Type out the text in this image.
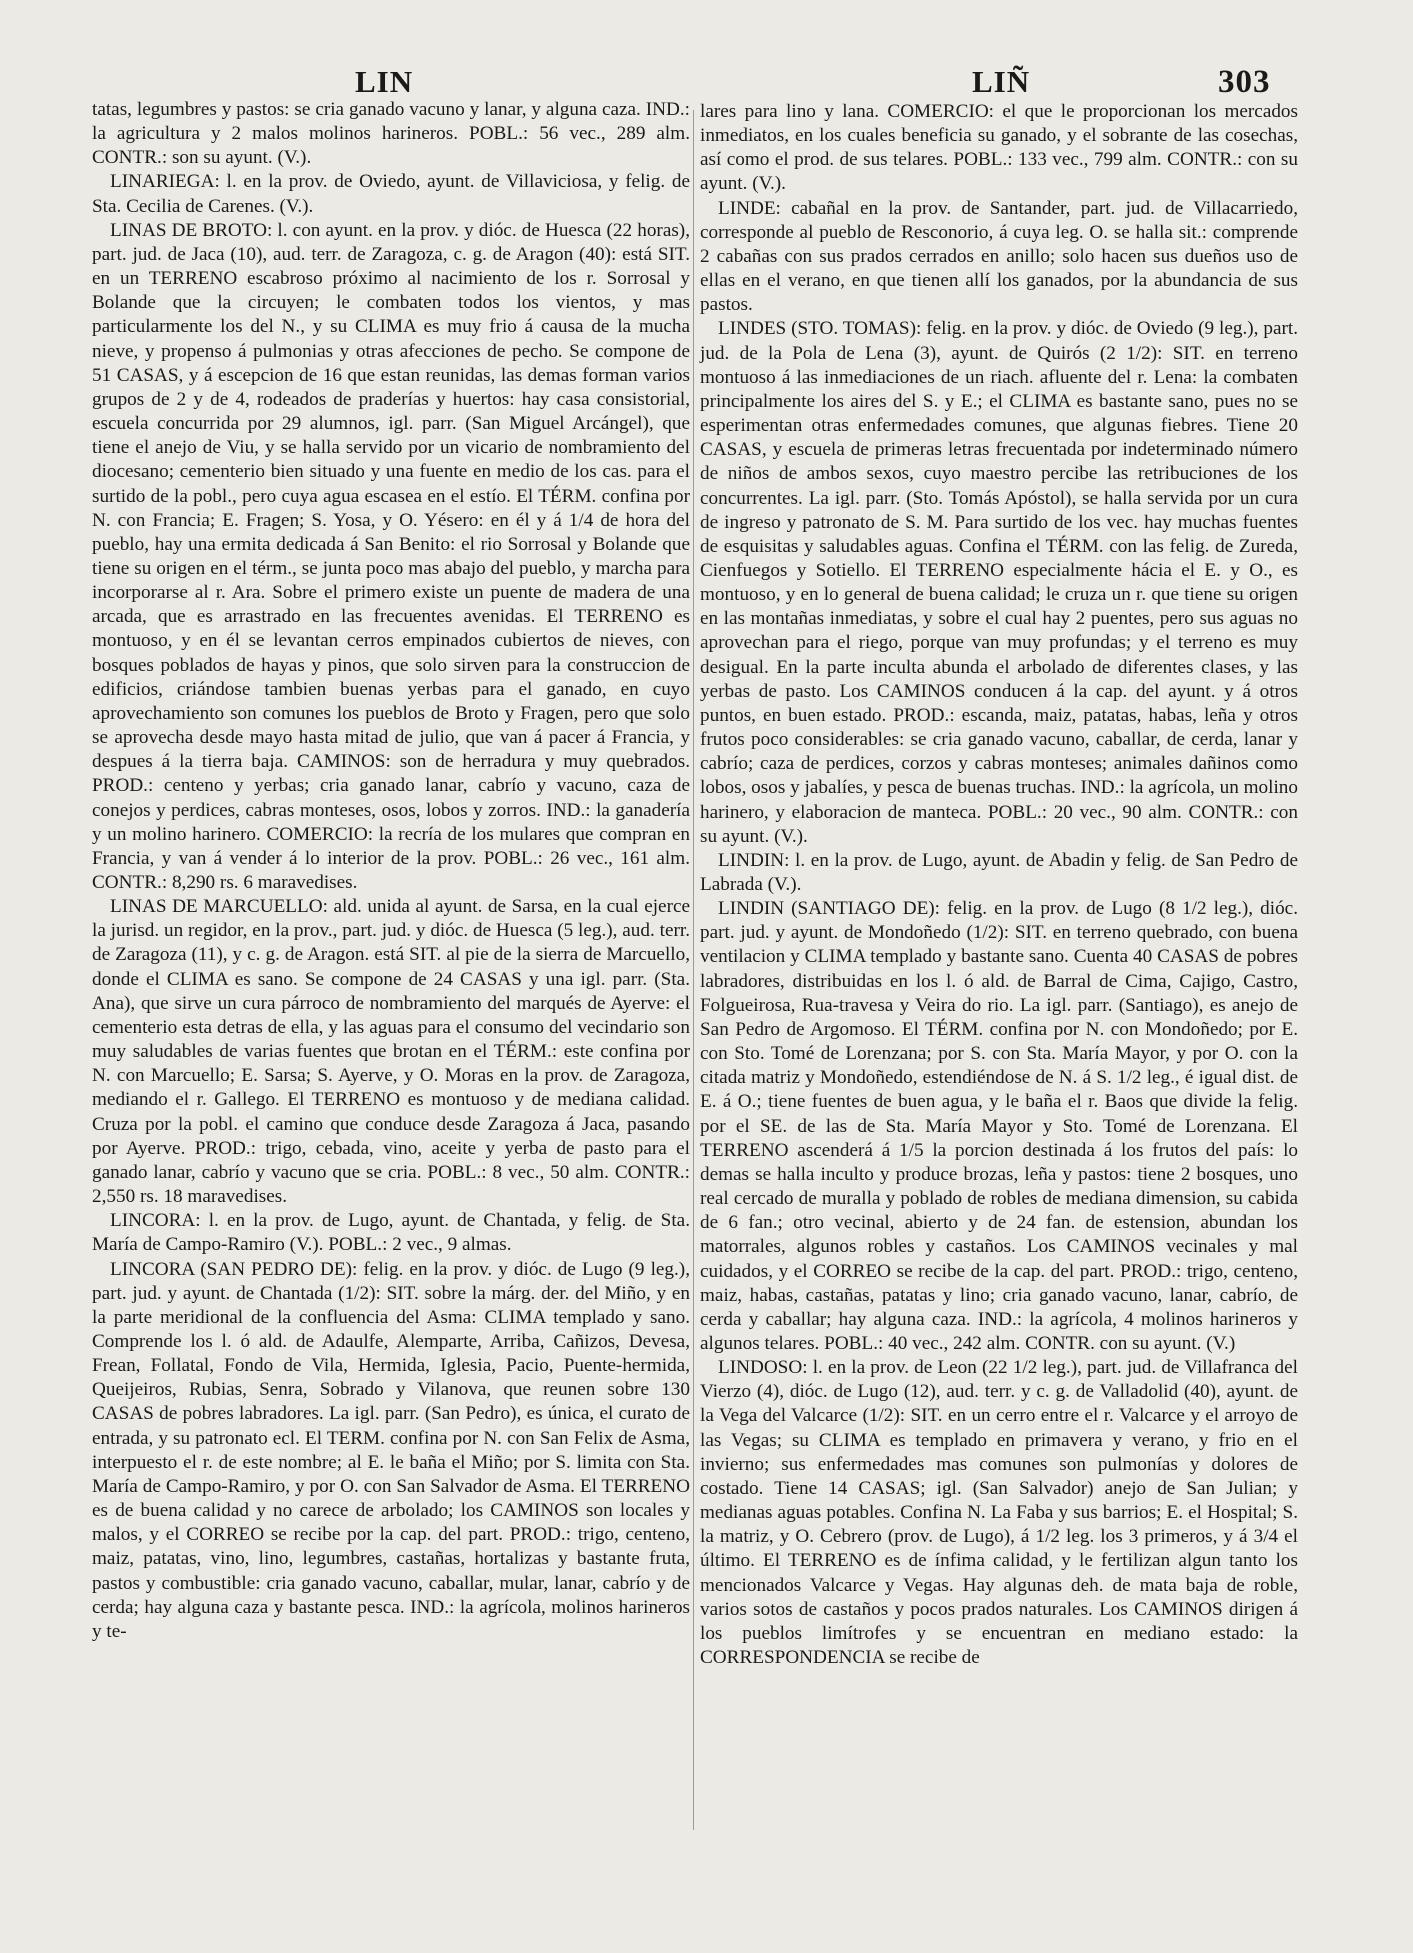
LIN	LIÑ	303

tatas, legumbres y pastos: se cria ganado vacuno y lanar, y alguna caza. IND.: la agricultura y 2 malos molinos harineros. POBL.: 56 vec., 289 alm. CONTR.: son su ayunt. (V.).

LINARIEGA: l. en la prov. de Oviedo, ayunt. de Villaviciosa, y felig. de Sta. Cecilia de Carenes. (V.).

LINAS DE BROTO: l. con ayunt. en la prov. y dióc. de Huesca (22 horas), part. jud. de Jaca (10), aud. terr. de Zaragoza, c. g. de Aragon (40): está SIT. en un TERRENO escabroso próximo al nacimiento de los r. Sorrosal y Bolande que la circuyen; le combaten todos los vientos, y mas particularmente los del N., y su CLIMA es muy frio á causa de la mucha nieve, y propenso á pulmonias y otras afecciones de pecho. Se compone de 51 CASAS, y á escepcion de 16 que estan reunidas, las demas forman varios grupos de 2 y de 4, rodeados de praderías y huertos: hay casa consistorial, escuela concurrida por 29 alumnos, igl. parr. (San Miguel Arcángel), que tiene el anejo de Viu, y se halla servido por un vicario de nombramiento del diocesano; cementerio bien situado y una fuente en medio de los cas. para el surtido de la pobl., pero cuya agua escasea en el estío. El TÉRM. confina por N. con Francia; E. Fragen; S. Yosa, y O. Yésero: en él y á 1/4 de hora del pueblo, hay una ermita dedicada á San Benito: el rio Sorrosal y Bolande que tiene su origen en el térm., se junta poco mas abajo del pueblo, y marcha para incorporarse al r. Ara. Sobre el primero existe un puente de madera de una arcada, que es arrastrado en las frecuentes avenidas. El TERRENO es montuoso, y en él se levantan cerros empinados cubiertos de nieves, con bosques poblados de hayas y pinos, que solo sirven para la construccion de edificios, criándose tambien buenas yerbas para el ganado, en cuyo aprovechamiento son comunes los pueblos de Broto y Fragen, pero que solo se aprovecha desde mayo hasta mitad de julio, que van á pacer á Francia, y despues á la tierra baja. CAMINOS: son de herradura y muy quebrados. PROD.: centeno y yerbas; cria ganado lanar, cabrío y vacuno, caza de conejos y perdices, cabras monteses, osos, lobos y zorros. IND.: la ganadería y un molino harinero. COMERCIO: la recría de los mulares que compran en Francia, y van á vender á lo interior de la prov. POBL.: 26 vec., 161 alm. CONTR.: 8,290 rs. 6 maravedises.

LINAS DE MARCUELLO: ald. unida al ayunt. de Sarsa, en la cual ejerce la jurisd. un regidor, en la prov., part. jud. y dióc. de Huesca (5 leg.), aud. terr. de Zaragoza (11), y c. g. de Aragon. está SIT. al pie de la sierra de Marcuello, donde el CLIMA es sano. Se compone de 24 CASAS y una igl. parr. (Sta. Ana), que sirve un cura párroco de nombramiento del marqués de Ayerve: el cementerio esta detras de ella, y las aguas para el consumo del vecindario son muy saludables de varias fuentes que brotan en el TÉRM.: este confina por N. con Marcuello; E. Sarsa; S. Ayerve, y O. Moras en la prov. de Zaragoza, mediando el r. Gallego. El TERRENO es montuoso y de mediana calidad. Cruza por la pobl. el camino que conduce desde Zaragoza á Jaca, pasando por Ayerve. PROD.: trigo, cebada, vino, aceite y yerba de pasto para el ganado lanar, cabrío y vacuno que se cria. POBL.: 8 vec., 50 alm. CONTR.: 2,550 rs. 18 maravedises.

LINCORA: l. en la prov. de Lugo, ayunt. de Chantada, y felig. de Sta. María de Campo-Ramiro (V.). POBL.: 2 vec., 9 almas.

LINCORA (SAN PEDRO DE): felig. en la prov. y dióc. de Lugo (9 leg.), part. jud. y ayunt. de Chantada (1/2): SIT. sobre la márg. der. del Miño, y en la parte meridional de la confluencia del Asma: CLIMA templado y sano. Comprende los l. ó ald. de Adaulfe, Alemparte, Arriba, Cañizos, Devesa, Frean, Follatal, Fondo de Vila, Hermida, Iglesia, Pacio, Puente-hermida, Queijeiros, Rubias, Senra, Sobrado y Vilanova, que reunen sobre 130 CASAS de pobres labradores. La igl. parr. (San Pedro), es única, el curato de entrada, y su patronato ecl. El TERM. confina por N. con San Felix de Asma, interpuesto el r. de este nombre; al E. le baña el Miño; por S. limita con Sta. María de Campo-Ramiro, y por O. con San Salvador de Asma. El TERRENO es de buena calidad y no carece de arbolado; los CAMINOS son locales y malos, y el CORREO se recibe por la cap. del part. PROD.: trigo, centeno, maiz, patatas, vino, lino, legumbres, castañas, hortalizas y bastante fruta, pastos y combustible: cria ganado vacuno, caballar, mular, lanar, cabrío y de cerda; hay alguna caza y bastante pesca. IND.: la agrícola, molinos harineros y te-

lares para lino y lana. COMERCIO: el que le proporcionan los mercados inmediatos, en los cuales beneficia su ganado, y el sobrante de las cosechas, así como el prod. de sus telares. POBL.: 133 vec., 799 alm. CONTR.: con su ayunt. (V.).

LINDE: cabañal en la prov. de Santander, part. jud. de Villacarriedo, corresponde al pueblo de Resconorio, á cuya leg. O. se halla sit.: comprende 2 cabañas con sus prados cerrados en anillo; solo hacen sus dueños uso de ellas en el verano, en que tienen allí los ganados, por la abundancia de sus pastos.

LINDES (STO. TOMAS): felig. en la prov. y dióc. de Oviedo (9 leg.), part. jud. de la Pola de Lena (3), ayunt. de Quirós (2 1/2): SIT. en terreno montuoso á las inmediaciones de un riach. afluente del r. Lena: la combaten principalmente los aires del S. y E.; el CLIMA es bastante sano, pues no se esperimentan otras enfermedades comunes, que algunas fiebres. Tiene 20 CASAS, y escuela de primeras letras frecuentada por indeterminado número de niños de ambos sexos, cuyo maestro percibe las retribuciones de los concurrentes. La igl. parr. (Sto. Tomás Apóstol), se halla servida por un cura de ingreso y patronato de S. M. Para surtido de los vec. hay muchas fuentes de esquisitas y saludables aguas. Confina el TÉRM. con las felig. de Zureda, Cienfuegos y Sotiello. El TERRENO especialmente hácia el E. y O., es montuoso, y en lo general de buena calidad; le cruza un r. que tiene su origen en las montañas inmediatas, y sobre el cual hay 2 puentes, pero sus aguas no aprovechan para el riego, porque van muy profundas; y el terreno es muy desigual. En la parte inculta abunda el arbolado de diferentes clases, y las yerbas de pasto. Los CAMINOS conducen á la cap. del ayunt. y á otros puntos, en buen estado. PROD.: escanda, maiz, patatas, habas, leña y otros frutos poco considerables: se cria ganado vacuno, caballar, de cerda, lanar y cabrío; caza de perdices, corzos y cabras monteses; animales dañinos como lobos, osos y jabalíes, y pesca de buenas truchas. IND.: la agrícola, un molino harinero, y elaboracion de manteca. POBL.: 20 vec., 90 alm. CONTR.: con su ayunt. (V.).

LINDIN: l. en la prov. de Lugo, ayunt. de Abadin y felig. de San Pedro de Labrada (V.).

LINDIN (SANTIAGO DE): felig. en la prov. de Lugo (8 1/2 leg.), dióc. part. jud. y ayunt. de Mondoñedo (1/2): SIT. en terreno quebrado, con buena ventilacion y CLIMA templado y bastante sano. Cuenta 40 CASAS de pobres labradores, distribuidas en los l. ó ald. de Barral de Cima, Cajigo, Castro, Folgueirosa, Rua-travesa y Veira do rio. La igl. parr. (Santiago), es anejo de San Pedro de Argomoso. El TÉRM. confina por N. con Mondoñedo; por E. con Sto. Tomé de Lorenzana; por S. con Sta. María Mayor, y por O. con la citada matriz y Mondoñedo, estendiéndose de N. á S. 1/2 leg., é igual dist. de E. á O.; tiene fuentes de buen agua, y le baña el r. Baos que divide la felig. por el SE. de las de Sta. María Mayor y Sto. Tomé de Lorenzana. El TERRENO ascenderá á 1/5 la porcion destinada á los frutos del país: lo demas se halla inculto y produce brozas, leña y pastos: tiene 2 bosques, uno real cercado de muralla y poblado de robles de mediana dimension, su cabida de 6 fan.; otro vecinal, abierto y de 24 fan. de estension, abundan los matorrales, algunos robles y castaños. Los CAMINOS vecinales y mal cuidados, y el CORREO se recibe de la cap. del part. PROD.: trigo, centeno, maiz, habas, castañas, patatas y lino; cria ganado vacuno, lanar, cabrío, de cerda y caballar; hay alguna caza. IND.: la agrícola, 4 molinos harineros y algunos telares. POBL.: 40 vec., 242 alm. CONTR. con su ayunt. (V.)

LINDOSO: l. en la prov. de Leon (22 1/2 leg.), part. jud. de Villafranca del Vierzo (4), dióc. de Lugo (12), aud. terr. y c. g. de Valladolid (40), ayunt. de la Vega del Valcarce (1/2): SIT. en un cerro entre el r. Valcarce y el arroyo de las Vegas; su CLIMA es templado en primavera y verano, y frio en el invierno; sus enfermedades mas comunes son pulmonías y dolores de costado. Tiene 14 CASAS; igl. (San Salvador) anejo de San Julian; y medianas aguas potables. Confina N. La Faba y sus barrios; E. el Hospital; S. la matriz, y O. Cebrero (prov. de Lugo), á 1/2 leg. los 3 primeros, y á 3/4 el último. El TERRENO es de ínfima calidad, y le fertilizan algun tanto los mencionados Valcarce y Vegas. Hay algunas deh. de mata baja de roble, varios sotos de castaños y pocos prados naturales. Los CAMINOS dirigen á los pueblos limítrofes y se encuentran en mediano estado: la CORRESPONDENCIA se recibe de
